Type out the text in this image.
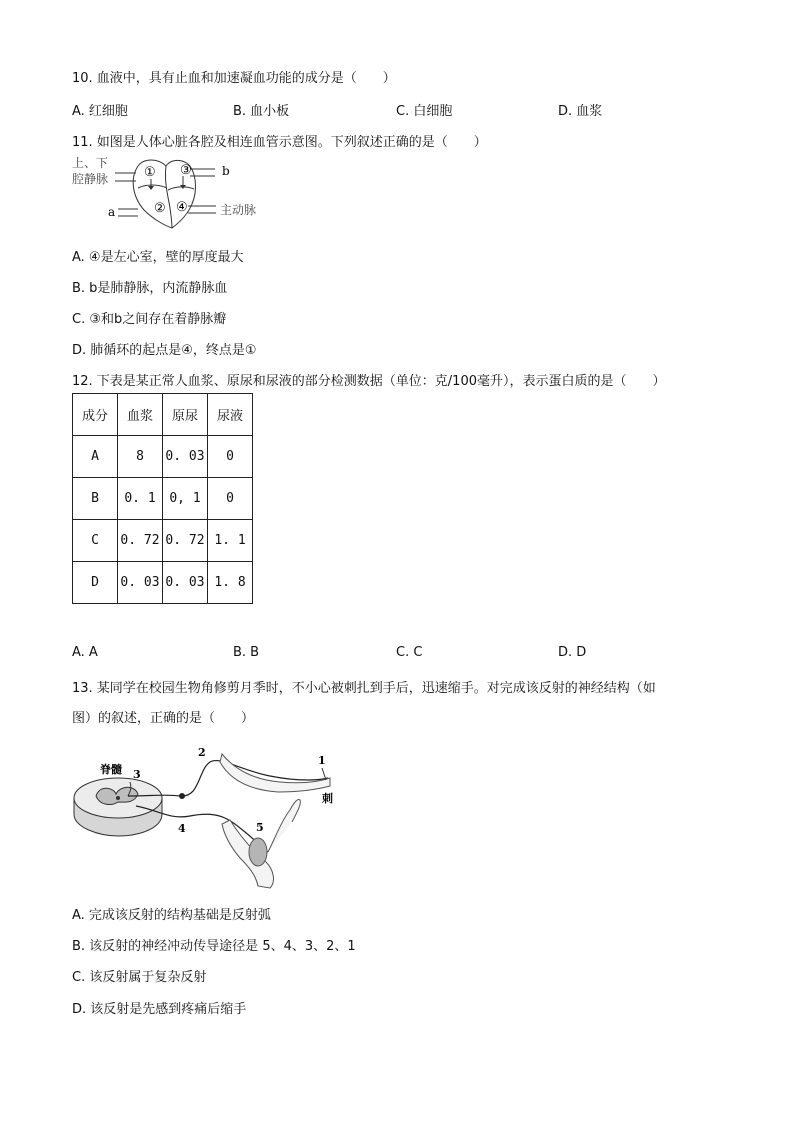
10. 血液中，具有止血和加速凝血功能的成分是（　　）
A. 红细胞	B. 血小板	C. 白细胞	D. 血浆
11. 如图是人体心脏各腔及相连血管示意图。下列叙述正确的是（　　）
上、下
腔静脉	①
②
③
④
b
a	主动脉
A. ④是左心室，壁的厚度最大
B. b是肺静脉，内流静脉血
C. ③和b之间存在着静脉瓣
D. 肺循环的起点是④，终点是①
12. 下表是某正常人血浆、原尿和尿液的部分检测数据（单位：克/100毫升），表示蛋白质的是（　　）
成分	血浆	原尿	尿液
A	8	0. 03	0
B	0. 1	0, 1	0
C	0. 72	0. 72	1. 1
D	0. 03	0. 03	1. 8
A. A	B. B	C. C	D. D
13. 某同学在校园生物角修剪月季时，不小心被刺扎到手后，迅速缩手。对完成该反射的神经结构（如
图）的叙述，正确的是（　　）
脊髓 3
2
4
1
刺
5
A. 完成该反射的结构基础是反射弧
B. 该反射的神经冲动传导途径是 5、4、3、2、1
C. 该反射属于复杂反射
D. 该反射是先感到疼痛后缩手
